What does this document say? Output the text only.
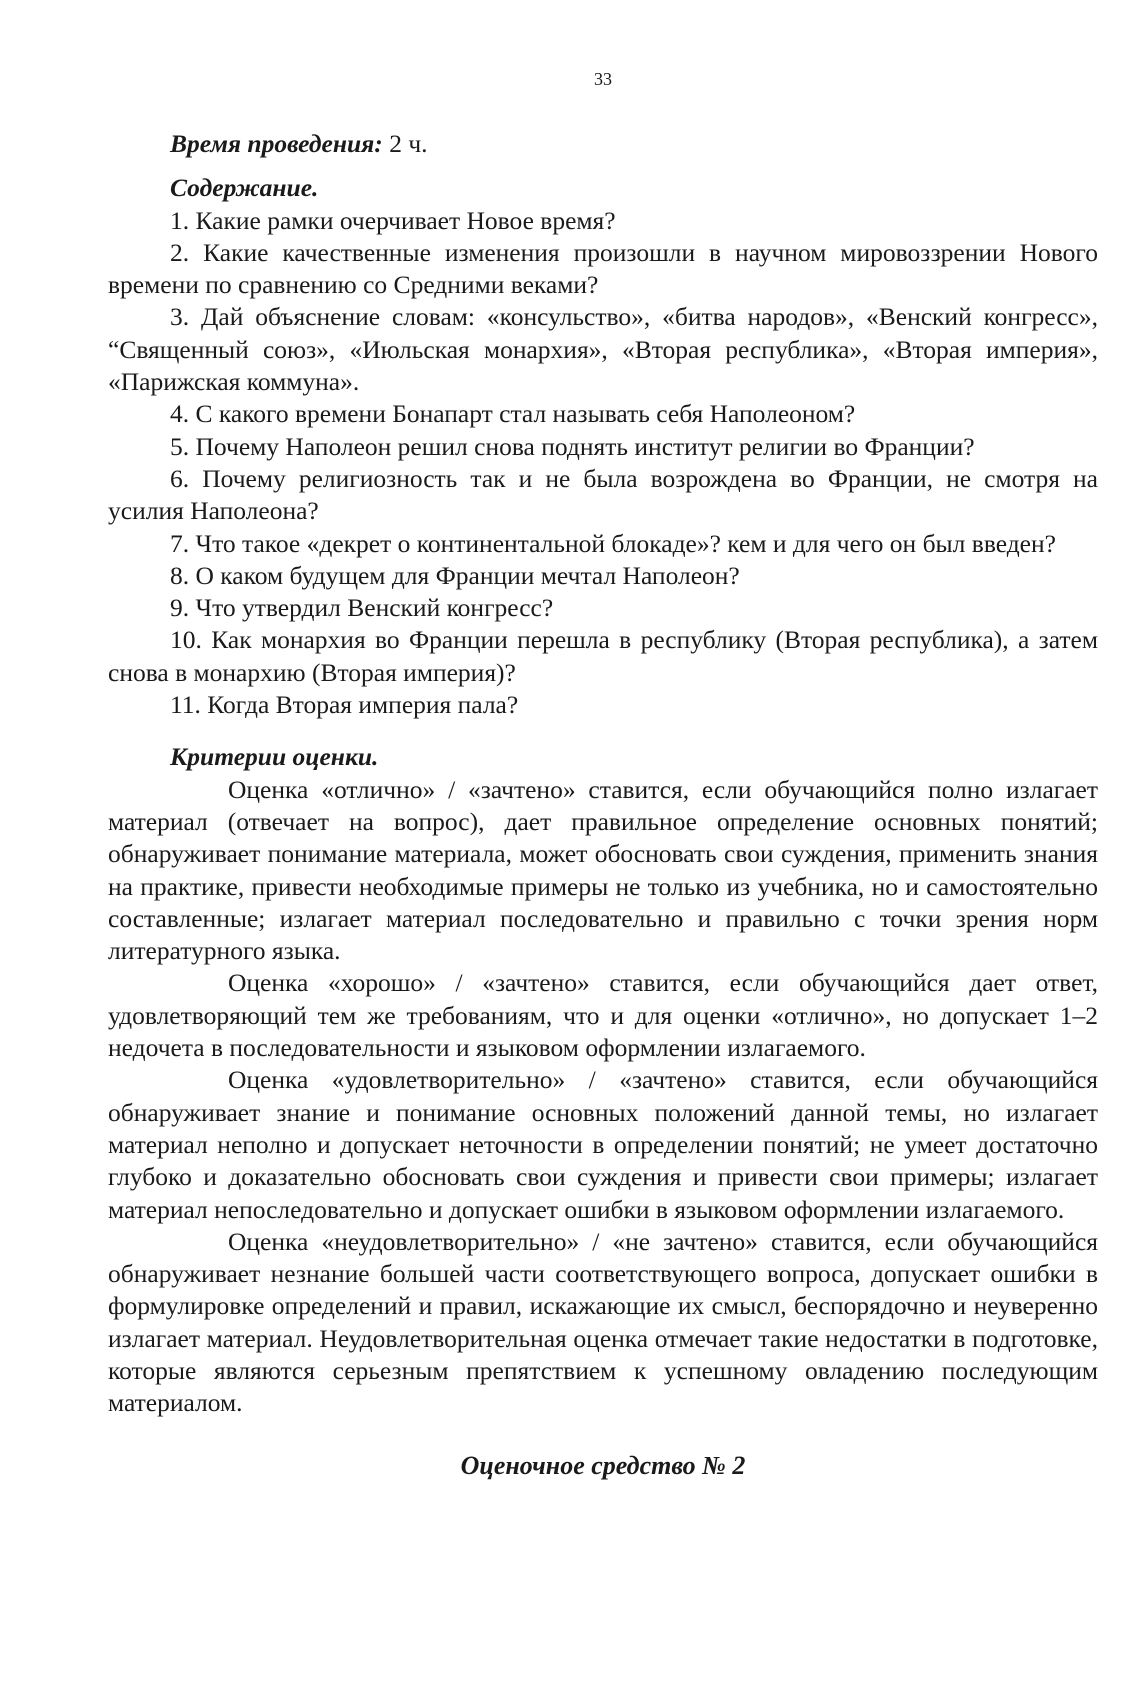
33

Время проведения: 2 ч.

Содержание.

1. Какие рамки очерчивает Новое время?

2. Какие качественные изменения произошли в научном мировоззрении Нового времени по сравнению со Средними веками?

3. Дай объяснение словам: «консульство», «битва народов», «Венский конгресс», “Священный союз», «Июльская монархия», «Вторая республика», «Вторая империя», «Парижская коммуна».

4. С какого времени Бонапарт стал называть себя Наполеоном?

5. Почему Наполеон решил снова поднять институт религии во Франции?

6. Почему религиозность так и не была возрождена во Франции, не смотря на усилия Наполеона?

7. Что такое «декрет о континентальной блокаде»? кем и для чего он был введен?

8. О каком будущем для Франции мечтал Наполеон?

9. Что утвердил Венский конгресс?

10. Как монархия во Франции перешла в республику (Вторая республика), а затем снова в монархию (Вторая империя)?

11. Когда Вторая империя пала?

Критерии оценки.

Оценка «отлично» / «зачтено» ставится, если обучающийся полно излагает материал (отвечает на вопрос), дает правильное определение основных понятий; обнаруживает понимание материала, может обосновать свои суждения, применить знания на практике, привести необходимые примеры не только из учебника, но и самостоятельно составленные; излагает материал последовательно и правильно с точки зрения норм литературного языка.

Оценка «хорошо» / «зачтено» ставится, если обучающийся дает ответ, удовлетворяющий тем же требованиям, что и для оценки «отлично», но допускает 1–2 недочета в последовательности и языковом оформлении излагаемого.

Оценка «удовлетворительно» / «зачтено» ставится, если обучающийся обнаруживает знание и понимание основных положений данной темы, но излагает материал неполно и допускает неточности в определении понятий; не умеет достаточно глубоко и доказательно обосновать свои суждения и привести свои примеры; излагает материал непоследовательно и допускает ошибки в языковом оформлении излагаемого.

Оценка «неудовлетворительно» / «не зачтено» ставится, если обучающийся обнаруживает незнание большей части соответствующего вопроса, допускает ошибки в формулировке определений и правил, искажающие их смысл, беспорядочно и неуверенно излагает материал. Неудовлетворительная оценка отмечает такие недостатки в подготовке, которые являются серьезным препятствием к успешному овладению последующим материалом.

Оценочное средство № 2
